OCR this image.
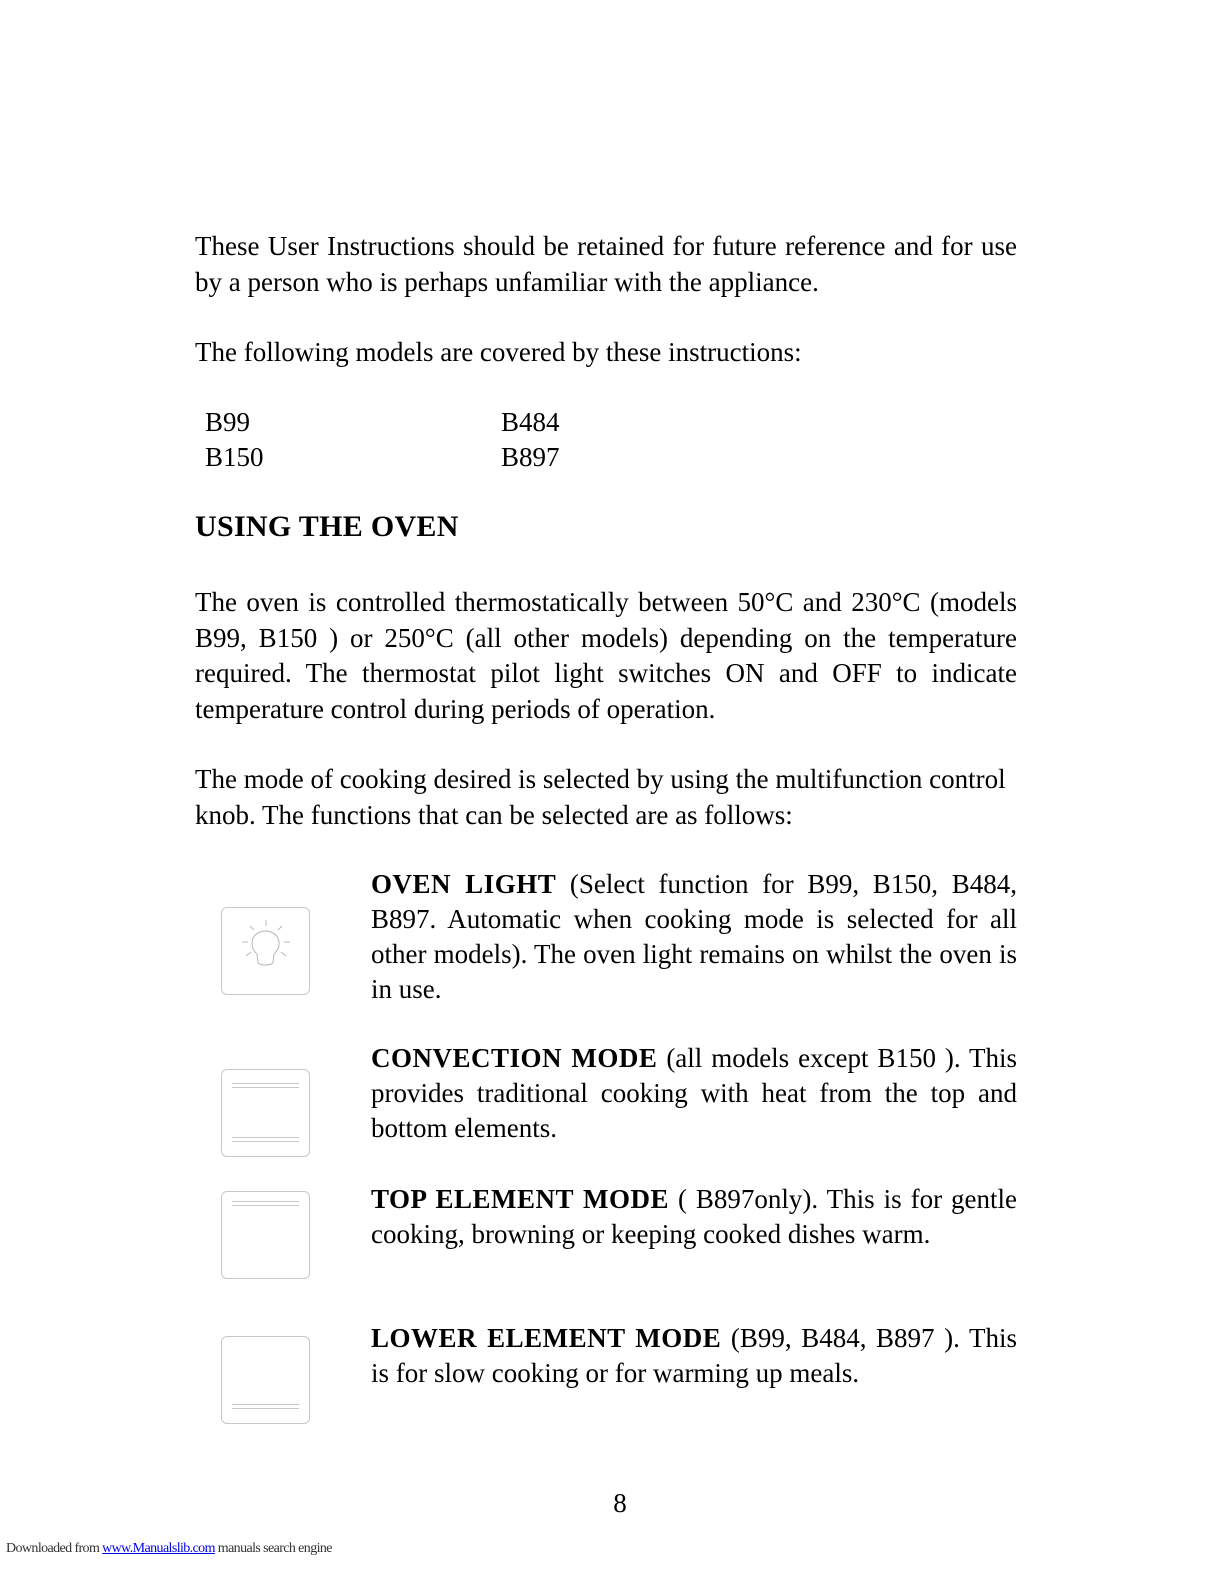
These User Instructions should be retained for future reference and for use by a person who is perhaps unfamiliar with the appliance.

The following models are covered by these instructions:

B99	B484
B150	B897
USING THE OVEN

The oven is controlled thermostatically between 50°C and 230°C (models B99, B150 ) or 250°C (all other models) depending on the temperature required. The thermostat pilot light switches ON and OFF to indicate temperature control during periods of operation.

The mode of cooking desired is selected by using the multifunction control knob. The functions that can be selected are as follows:

OVEN LIGHT (Select function for B99, B150, B484, B897. Automatic when cooking mode is selected for all other models). The oven light remains on whilst the oven is in use.

CONVECTION MODE (all models except B150 ). This provides traditional cooking with heat from the top and bottom elements.

TOP ELEMENT MODE ( B897only). This is for gentle cooking, browning or keeping cooked dishes warm.

LOWER ELEMENT MODE (B99, B484, B897 ). This is for slow cooking or for warming up meals.

8
Downloaded from www.Manualslib.com manuals search engine
